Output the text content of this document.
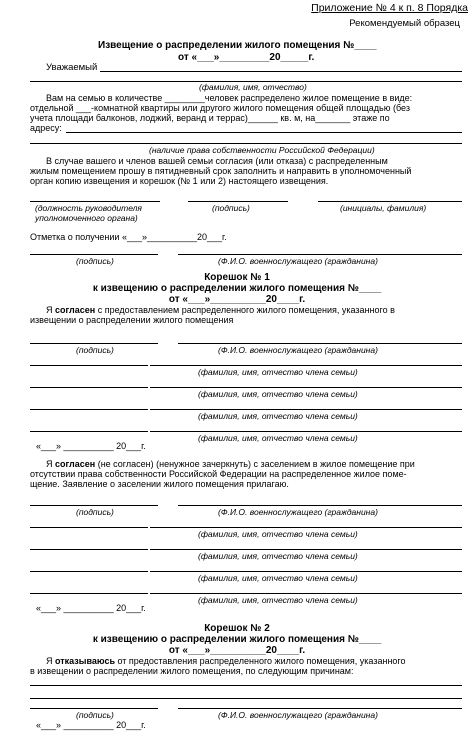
Приложение № 4 к п. 8 Порядка
Рекомендуемый образец
Извещение о распределении жилого помещения №____
от «___»_________20_____г.
Уважаемый
(фамилия, имя, отчество)
Вам на семью в количестве ________человек распределено жилое помещение в виде:
отдельной ___-комнатной квартиры или другого жилого помещения общей площадью (без
учета площади балконов, лоджий, веранд и террас)______ кв. м, на_______ этаже по
адресу:
(наличие права собственности Российской Федерации)
В случае вашего и членов вашей семьи согласия (или отказа) с распределенным
жилым помещением прошу в пятидневный срок заполнить и направить в уполномоченный
орган копию извещения и корешок (№ 1 или 2) настоящего извещения.
(должность руководителя
уполномоченного органа)
(подпись)	(инициалы, фамилия)
Отметка о получении «___»__________20___г.
(подпись)	(Ф.И.О. военнослужащего (гражданина)
Корешок № 1
к извещению о распределении жилого помещения №____
от «___»__________20____г.
Я согласен с предоставлением распределенного жилого помещения, указанного в
извещении о распределении жилого помещения
(подпись)	(Ф.И.О. военнослужащего (гражданина)
(фамилия, имя, отчество члена семьи)
(фамилия, имя, отчество члена семьи)
(фамилия, имя, отчество члена семьи)
(фамилия, имя, отчество члена семьи)
«___» __________ 20___г.
Я согласен (не согласен) (ненужное зачеркнуть) с заселением в жилое помещение при
отсутствии права собственности Российской Федерации на распределенное жилое поме-
щение. Заявление о заселении жилого помещения прилагаю.
(подпись)	(Ф.И.О. военнослужащего (гражданина)
(фамилия, имя, отчество члена семьи)
(фамилия, имя, отчество члена семьи)
(фамилия, имя, отчество члена семьи)
(фамилия, имя, отчество члена семьи)
«___» __________ 20___г.
Корешок № 2
к извещению о распределении жилого помещения №____
от «___»__________20____г.
Я отказываюсь от предоставления распределенного жилого помещения, указанного
в извещении о распределении жилого помещения, по следующим причинам:
(подпись)	(Ф.И.О. военнослужащего (гражданина)
«___» __________ 20___г.
